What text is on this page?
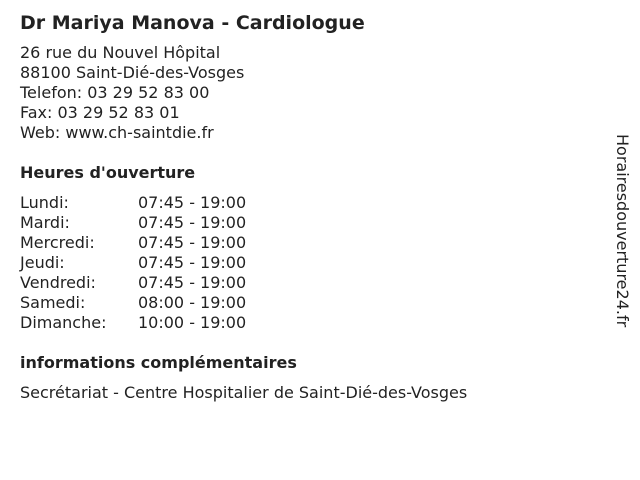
Dr Mariya Manova - Cardiologue
26 rue du Nouvel Hôpital
88100 Saint-Dié-des-Vosges
Telefon: 03 29 52 83 00
Fax: 03 29 52 83 01
Web: www.ch-saintdie.fr
Heures d'ouverture
Lundi:	07:45 - 19:00
Mardi:	07:45 - 19:00
Mercredi:	07:45 - 19:00
Jeudi:	07:45 - 19:00
Vendredi:	07:45 - 19:00
Samedi:	08:00 - 19:00
Dimanche:	10:00 - 19:00
informations complémentaires
Secrétariat - Centre Hospitalier de Saint-Dié-des-Vosges
Horairesdouverture24.fr
